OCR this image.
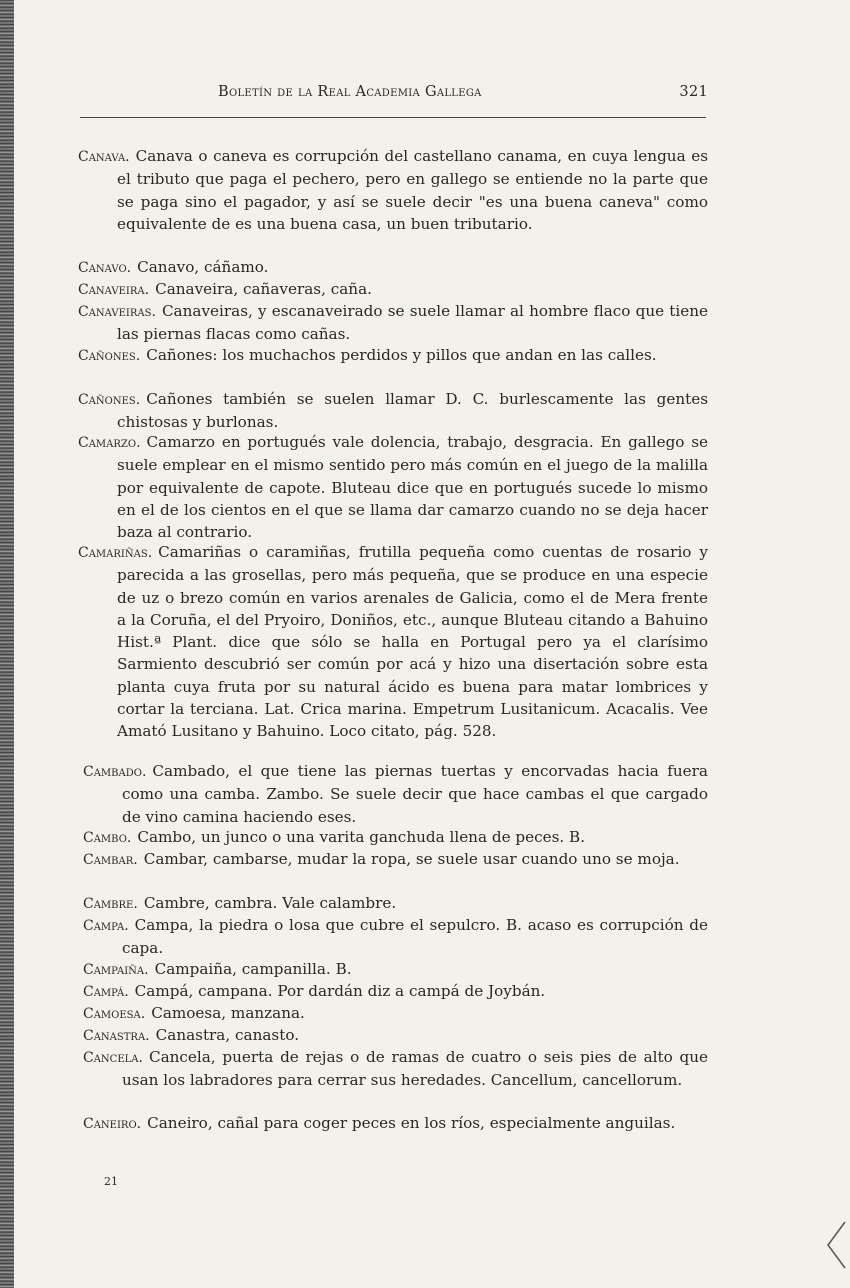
Boletín de la Real Academia Gallega	321
Canava. Canava o caneva es corrupción del castellano canama, en cuya lengua es el tributo que paga el pechero, pero en gallego se entiende no la parte que se paga sino el pagador, y así se suele decir "es una buena caneva" como equivalente de es una buena casa, un buen tributario.
Canavo. Canavo, cáñamo.
Canaveira. Canaveira, cañaveras, caña.
Canaveiras. Canaveiras, y escanaveirado se suele llamar al hombre flaco que tiene las piernas flacas como cañas.
Cañones. Cañones: los muchachos perdidos y pillos que andan en las calles.
Cañones. Cañones también se suelen llamar D. C. burlescamente las gentes chistosas y burlonas.
Camarzo. Camarzo en portugués vale dolencia, trabajo, desgracia. En gallego se suele emplear en el mismo sentido pero más común en el juego de la malilla por equivalente de capote. Bluteau dice que en portugués sucede lo mismo en el de los cientos en el que se llama dar camarzo cuando no se deja hacer baza al contrario.
Camariñas. Camariñas o caramiñas, frutilla pequeña como cuentas de rosario y parecida a las grosellas, pero más pequeña, que se produce en una especie de uz o brezo común en varios arenales de Galicia, como el de Mera frente a la Coruña, el del Pryoiro, Doniños, etc., aunque Bluteau citando a Bahuino Hist.ª Plant. dice que sólo se halla en Portugal pero ya el clarísimo Sarmiento descubrió ser común por acá y hizo una disertación sobre esta planta cuya fruta por su natural ácido es buena para matar lombrices y cortar la terciana. Lat. Crica marina. Empetrum Lusitanicum. Acacalis. Vee Amató Lusitano y Bahuino. Loco citato, pág. 528.
Cambado. Cambado, el que tiene las piernas tuertas y encorvadas hacia fuera como una camba. Zambo. Se suele decir que hace cambas el que cargado de vino camina haciendo eses.
Cambo. Cambo, un junco o una varita ganchuda llena de peces. B.
Cambar. Cambar, cambarse, mudar la ropa, se suele usar cuando uno se moja.
Cambre. Cambre, cambra. Vale calambre.
Campa. Campa, la piedra o losa que cubre el sepulcro. B. acaso es corrupción de capa.
Campaiña. Campaiña, campanilla. B.
Campá. Campá, campana. Por dardán diz a campá de Joybán.
Camoesa. Camoesa, manzana.
Canastra. Canastra, canasto.
Cancela. Cancela, puerta de rejas o de ramas de cuatro o seis pies de alto que usan los labradores para cerrar sus heredades. Cancellum, cancellorum.
Caneiro. Caneiro, cañal para coger peces en los ríos, especialmente anguilas.
21
